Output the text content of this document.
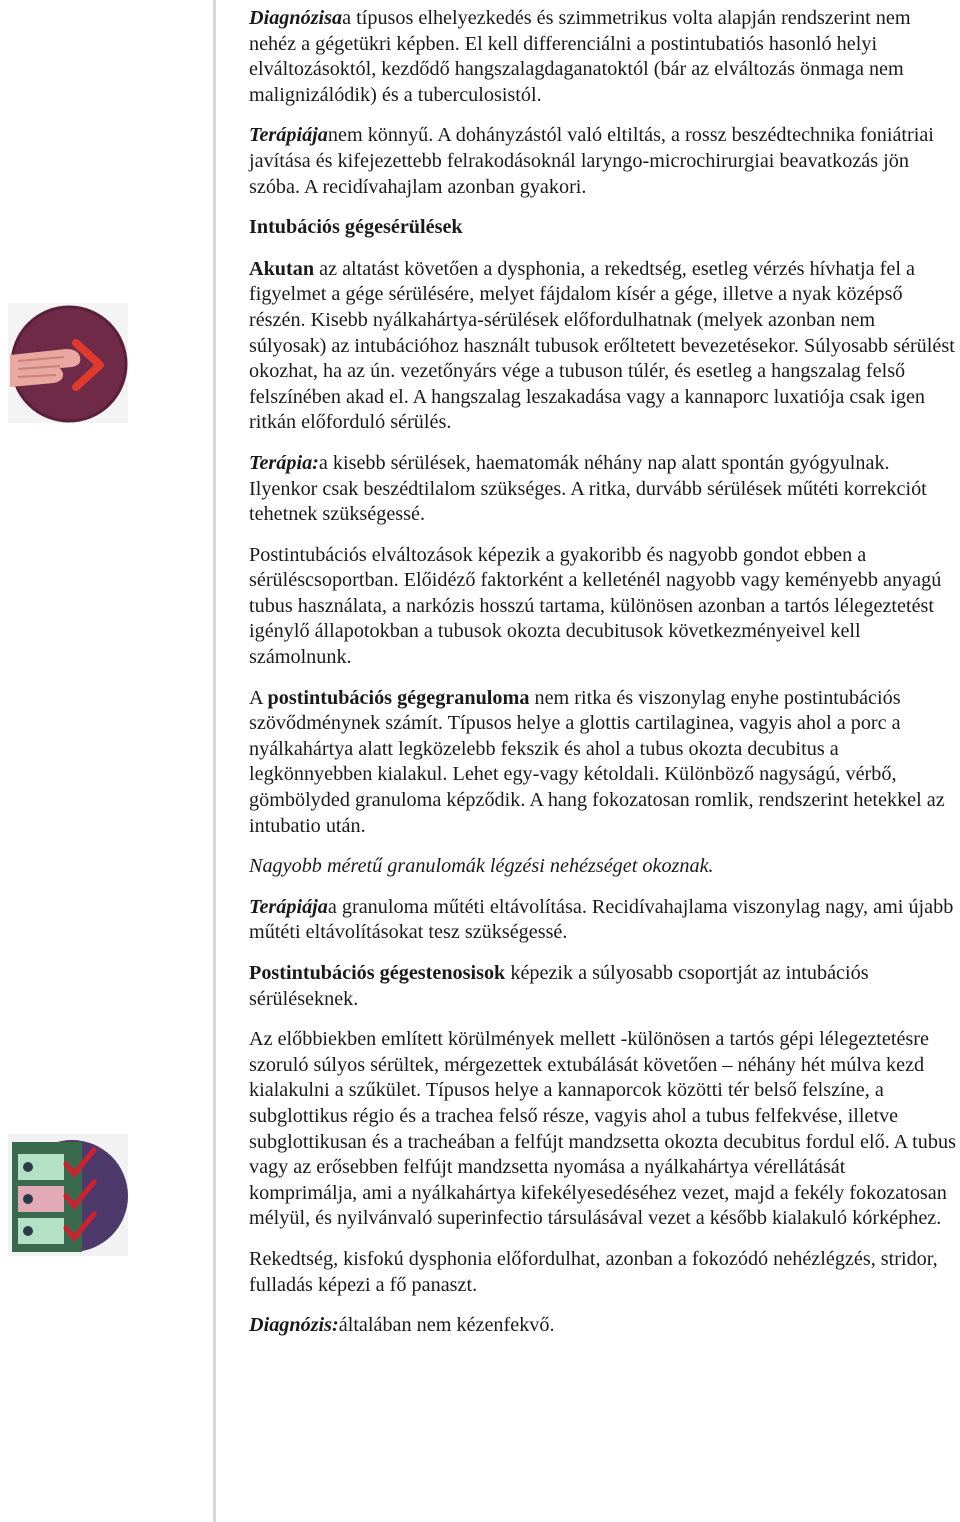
Diagnózisaa típusos elhelyezkedés és szimmetrikus volta alapján rendszerint nem nehéz a gégetükri képben. El kell differenciálni a postintubatiós hasonló helyi elváltozásoktól, kezdődő hangszalagdaganatoktól (bár az elváltozás önmaga nem malignizálódik) és a tuberculosistól.

Terápiájanem könnyű. A dohányzástól való eltiltás, a rossz beszédtechnika foniátriai javítása és kifejezettebb felrakodásoknál laryngo-microchirurgiai beavatkozás jön szóba. A recidívahajlam azonban gyakori.

Intubációs gégesérülések

Akutan az altatást követően a dysphonia, a rekedtség, esetleg vérzés hívhatja fel a figyelmet a gége sérülésére, melyet fájdalom kísér a gége, illetve a nyak középső részén. Kisebb nyálkahártya-sérülések előfordulhatnak (melyek azonban nem súlyosak) az intubációhoz használt tubusok erőltetett bevezetésekor. Súlyosabb sérülést okozhat, ha az ún. vezetőnyárs vége a tubuson túlér, és esetleg a hangszalag felső felszínében akad el. A hangszalag leszakadása vagy a kannaporc luxatiója csak igen ritkán előforduló sérülés.

Terápia:a kisebb sérülések, haematomák néhány nap alatt spontán gyógyulnak. Ilyenkor csak beszédtilalom szükséges. A ritka, durvább sérülések műtéti korrekciót tehetnek szükségessé.

Postintubációs elváltozások képezik a gyakoribb és nagyobb gondot ebben a sérüléscsoportban. Előidéző faktorként a kelleténél nagyobb vagy keményebb anyagú tubus használata, a narkózis hosszú tartama, különösen azonban a tartós lélegeztetést igénylő állapotokban a tubusok okozta decubitusok következményeivel kell számolnunk.

A postintubációs gégegranuloma nem ritka és viszonylag enyhe postintubációs szövődménynek számít. Típusos helye a glottis cartilaginea, vagyis ahol a porc a nyálkahártya alatt legközelebb fekszik és ahol a tubus okozta decubitus a legkönnyebben kialakul. Lehet egy-vagy kétoldali. Különböző nagyságú, vérbő, gömbölyded granuloma képződik. A hang fokozatosan romlik, rendszerint hetekkel az intubatio után.

Nagyobb méretű granulomák légzési nehézséget okoznak.

Terápiájaa granuloma műtéti eltávolítása. Recidívahajlama viszonylag nagy, ami újabb műtéti eltávolításokat tesz szükségessé.

Postintubációs gégestenosisok képezik a súlyosabb csoportját az intubációs sérüléseknek.

Az előbbiekben említett körülmények mellett -különösen a tartós gépi lélegeztetésre szoruló súlyos sérültek, mérgezettek extubálását követően – néhány hét múlva kezd kialakulni a szűkület. Típusos helye a kannaporcok közötti tér belső felszíne, a subglottikus régio és a trachea felső része, vagyis ahol a tubus felfekvése, illetve subglottikusan és a tracheában a felfújt mandzsetta okozta decubitus fordul elő. A tubus vagy az erősebben felfújt mandzsetta nyomása a nyálkahártya vérellátását komprimálja, ami a nyálkahártya kifekélyesedéséhez vezet, majd a fekély fokozatosan mélyül, és nyilvánvaló superinfectio társulásával vezet a később kialakuló kórképhez.

Rekedtség, kisfokú dysphonia előfordulhat, azonban a fokozódó nehézlégzés, stridor, fulladás képezi a fő panaszt.

Diagnózis:általában nem kézenfekvő.
